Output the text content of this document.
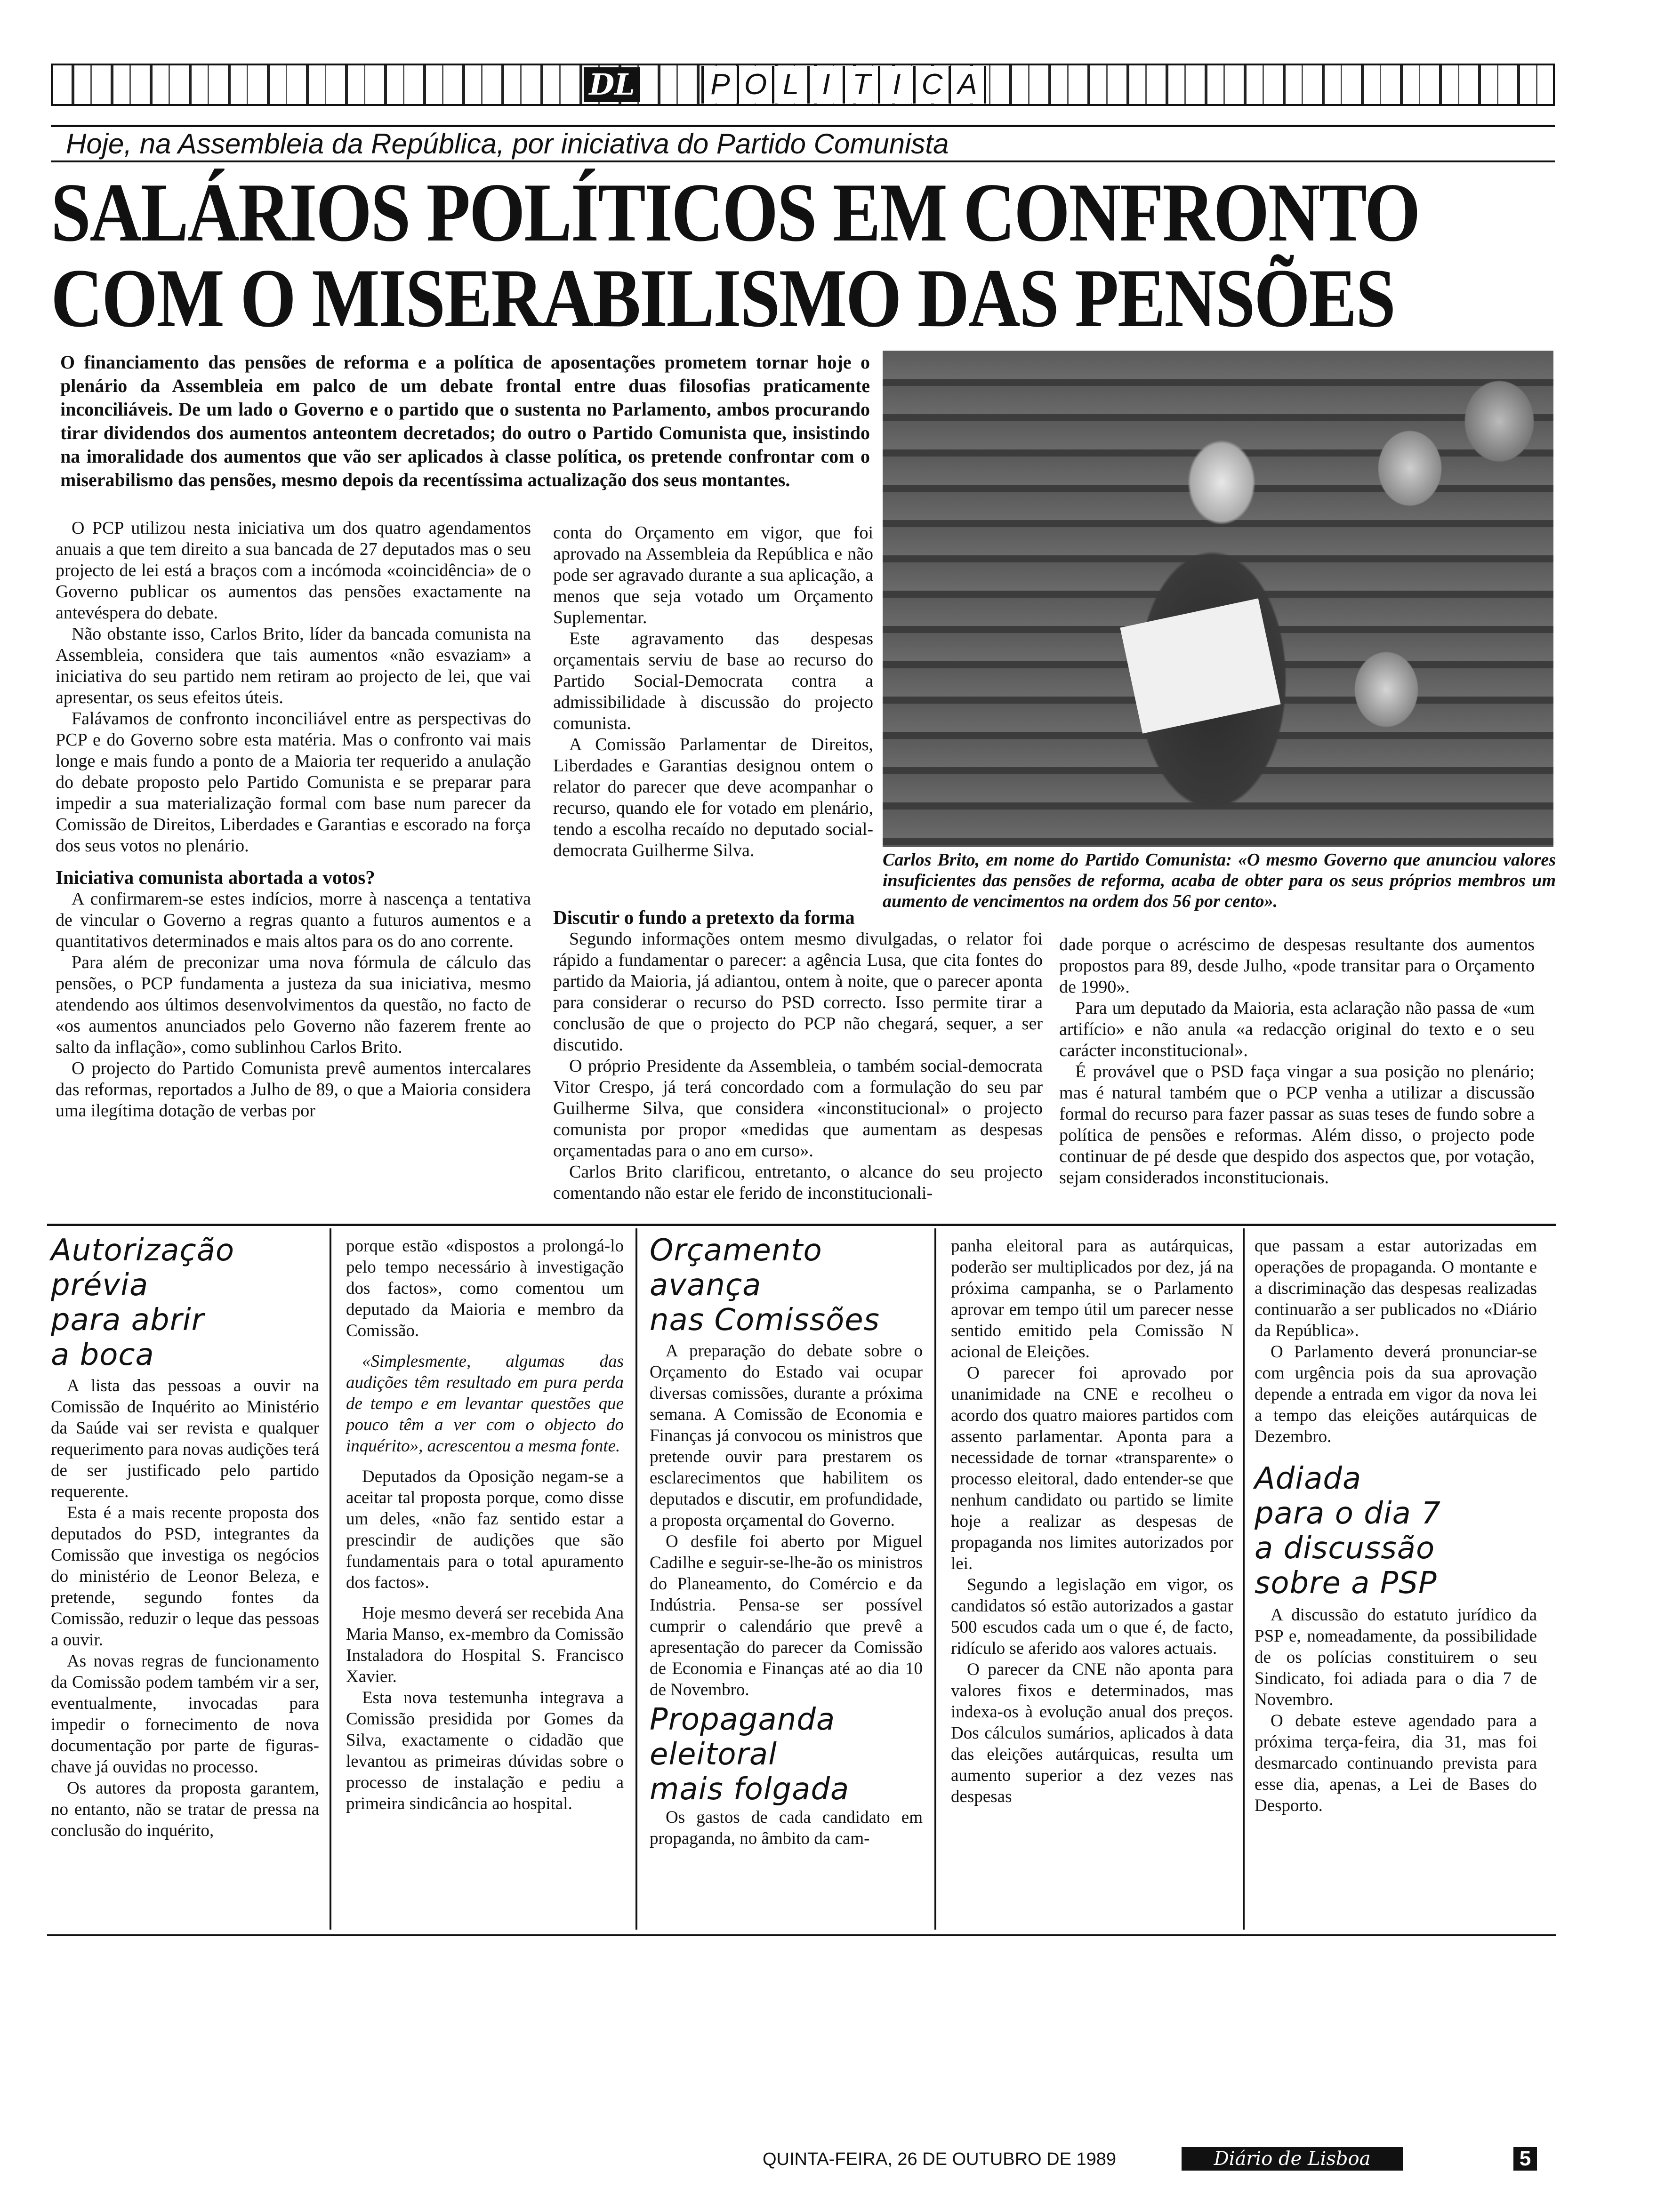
DL	P O L I T I C A
Hoje, na Assembleia da República, por iniciativa do Partido Comunista
SALÁRIOS POLÍTICOS EM CONFRONTO
COM O MISERABILISMO DAS PENSÕES
O financiamento das pensões de reforma e a política de aposentações prometem tornar hoje o plenário da Assembleia em palco de um debate frontal entre duas filosofias praticamente inconciliáveis. De um lado o Governo e o partido que o sustenta no Parlamento, ambos procurando tirar dividendos dos aumentos anteontem decretados; do outro o Partido Comunista que, insistindo na imoralidade dos aumentos que vão ser aplicados à classe política, os pretende confrontar com o miserabilismo das pensões, mesmo depois da recentíssima actualização dos seus montantes.
Carlos Brito, em nome do Partido Comunista: «O mesmo Governo que anunciou valores insuficientes das pensões de reforma, acaba de obter para os seus próprios membros um aumento de vencimentos na ordem dos 56 por cento».

O PCP utilizou nesta iniciativa um dos quatro agendamentos anuais a que tem direito a sua bancada de 27 deputados mas o seu projecto de lei está a braços com a incómoda «coincidência» de o Governo publicar os aumentos das pensões exactamente na antevéspera do debate.

Não obstante isso, Carlos Brito, líder da bancada comunista na Assembleia, considera que tais aumentos «não esvaziam» a iniciativa do seu partido nem retiram ao projecto de lei, que vai apresentar, os seus efeitos úteis.

Falávamos de confronto inconciliável entre as perspectivas do PCP e do Governo sobre esta matéria. Mas o confronto vai mais longe e mais fundo a ponto de a Maioria ter requerido a anulação do debate proposto pelo Partido Comunista e se preparar para impedir a sua materialização formal com base num parecer da Comissão de Direitos, Liberdades e Garantias e escorado na força dos seus votos no plenário.

Iniciativa comunista abortada a votos?

A confirmarem-se estes indícios, morre à nascença a tentativa de vincular o Governo a regras quanto a futuros aumentos e a quantitativos determinados e mais altos para os do ano corrente.

Para além de preconizar uma nova fórmula de cálculo das pensões, o PCP fundamenta a justeza da sua iniciativa, mesmo atendendo aos últimos desenvolvimentos da questão, no facto de «os aumentos anunciados pelo Governo não fazerem frente ao salto da inflação», como sublinhou Carlos Brito.

O projecto do Partido Comunista prevê aumentos intercalares das reformas, reportados a Julho de 89, o que a Maioria considera uma ilegítima dotação de verbas por

conta do Orçamento em vigor, que foi aprovado na Assembleia da República e não pode ser agravado durante a sua aplicação, a menos que seja votado um Orçamento Suplementar.

Este agravamento das despesas orçamentais serviu de base ao recurso do Partido Social-Democrata contra a admissibilidade à discussão do projecto comunista.

A Comissão Parlamentar de Direitos, Liberdades e Garantias designou ontem o relator do parecer que deve acompanhar o recurso, quando ele for votado em plenário, tendo a escolha recaído no deputado social-democrata Guilherme Silva.

Discutir o fundo a pretexto da forma

Segundo informações ontem mesmo divulgadas, o relator foi rápido a fundamentar o parecer: a agência Lusa, que cita fontes do partido da Maioria, já adiantou, ontem à noite, que o parecer aponta para considerar o recurso do PSD correcto. Isso permite tirar a conclusão de que o projecto do PCP não chegará, sequer, a ser discutido.

O próprio Presidente da Assembleia, o também social-democrata Vitor Crespo, já terá concordado com a formulação do seu par Guilherme Silva, que considera «inconstitucional» o projecto comunista por propor «medidas que aumentam as despesas orçamentadas para o ano em curso».

Carlos Brito clarificou, entretanto, o alcance do seu projecto comentando não estar ele ferido de inconstitucionali-

dade porque o acréscimo de despesas resultante dos aumentos propostos para 89, desde Julho, «pode transitar para o Orçamento de 1990».

Para um deputado da Maioria, esta aclaração não passa de «um artifício» e não anula «a redacção original do texto e o seu carácter inconstitucional».

É provável que o PSD faça vingar a sua posição no plenário; mas é natural também que o PCP venha a utilizar a discussão formal do recurso para fazer passar as suas teses de fundo sobre a política de pensões e reformas. Além disso, o projecto pode continuar de pé desde que despido dos aspectos que, por votação, sejam considerados inconstitucionais.

Autorização
prévia
para abrir
a boca

A lista das pessoas a ouvir na Comissão de Inquérito ao Ministério da Saúde vai ser revista e qualquer requerimento para novas audições terá de ser justificado pelo partido requerente.

Esta é a mais recente proposta dos deputados do PSD, integrantes da Comissão que investiga os negócios do ministério de Leonor Beleza, e pretende, segundo fontes da Comissão, reduzir o leque das pessoas a ouvir.

As novas regras de funcionamento da Comissão podem também vir a ser, eventualmente, invocadas para impedir o fornecimento de nova documentação por parte de figuras-chave já ouvidas no processo.

Os autores da proposta garantem, no entanto, não se tratar de pressa na conclusão do inquérito,

porque estão «dispostos a prolongá-lo pelo tempo necessário à investigação dos factos», como comentou um deputado da Maioria e membro da Comissão.

«Simplesmente, algumas das audições têm resultado em pura perda de tempo e em levantar questões que pouco têm a ver com o objecto do inquérito», acrescentou a mesma fonte.

Deputados da Oposição negam-se a aceitar tal proposta porque, como disse um deles, «não faz sentido estar a prescindir de audições que são fundamentais para o total apuramento dos factos».

Hoje mesmo deverá ser recebida Ana Maria Manso, ex-membro da Comissão Instaladora do Hospital S. Francisco Xavier.

Esta nova testemunha integrava a Comissão presidida por Gomes da Silva, exactamente o cidadão que levantou as primeiras dúvidas sobre o processo de instalação e pediu a primeira sindicância ao hospital.

Orçamento
avança
nas Comissões

A preparação do debate sobre o Orçamento do Estado vai ocupar diversas comissões, durante a próxima semana. A Comissão de Economia e Finanças já convocou os ministros que pretende ouvir para prestarem os esclarecimentos que habilitem os deputados e discutir, em profundidade, a proposta orçamental do Governo.

O desfile foi aberto por Miguel Cadilhe e seguir-se-lhe-ão os ministros do Planeamento, do Comércio e da Indústria. Pensa-se ser possível cumprir o calendário que prevê a apresentação do parecer da Comissão de Economia e Finanças até ao dia 10 de Novembro.

Propaganda
eleitoral
mais folgada

Os gastos de cada candidato em propaganda, no âmbito da cam-

panha eleitoral para as autárquicas, poderão ser multiplicados por dez, já na próxima campanha, se o Parlamento aprovar em tempo útil um parecer nesse sentido emitido pela Comissão N acional de Eleições.

O parecer foi aprovado por unanimidade na CNE e recolheu o acordo dos quatro maiores partidos com assento parlamentar. Aponta para a necessidade de tornar «transparente» o processo eleitoral, dado entender-se que nenhum candidato ou partido se limite hoje a realizar as despesas de propaganda nos limites autorizados por lei.

Segundo a legislação em vigor, os candidatos só estão autorizados a gastar 500 escudos cada um o que é, de facto, ridículo se aferido aos valores actuais.

O parecer da CNE não aponta para valores fixos e determinados, mas indexa-os à evolução anual dos preços. Dos cálculos sumários, aplicados à data das eleições autárquicas, resulta um aumento superior a dez vezes nas despesas

que passam a estar autorizadas em operações de propaganda. O montante e a discriminação das despesas realizadas continuarão a ser publicados no «Diário da República».

O Parlamento deverá pronunciar-se com urgência pois da sua aprovação depende a entrada em vigor da nova lei a tempo das eleições autárquicas de Dezembro.

Adiada
para o dia 7
a discussão
sobre a PSP

A discussão do estatuto jurídico da PSP e, nomeadamente, da possibilidade de os polícias constituirem o seu Sindicato, foi adiada para o dia 7 de Novembro.

O debate esteve agendado para a próxima terça-feira, dia 31, mas foi desmarcado continuando prevista para esse dia, apenas, a Lei de Bases do Desporto.

QUINTA-FEIRA, 26 DE OUTUBRO DE 1989	Diário de Lisboa	5
